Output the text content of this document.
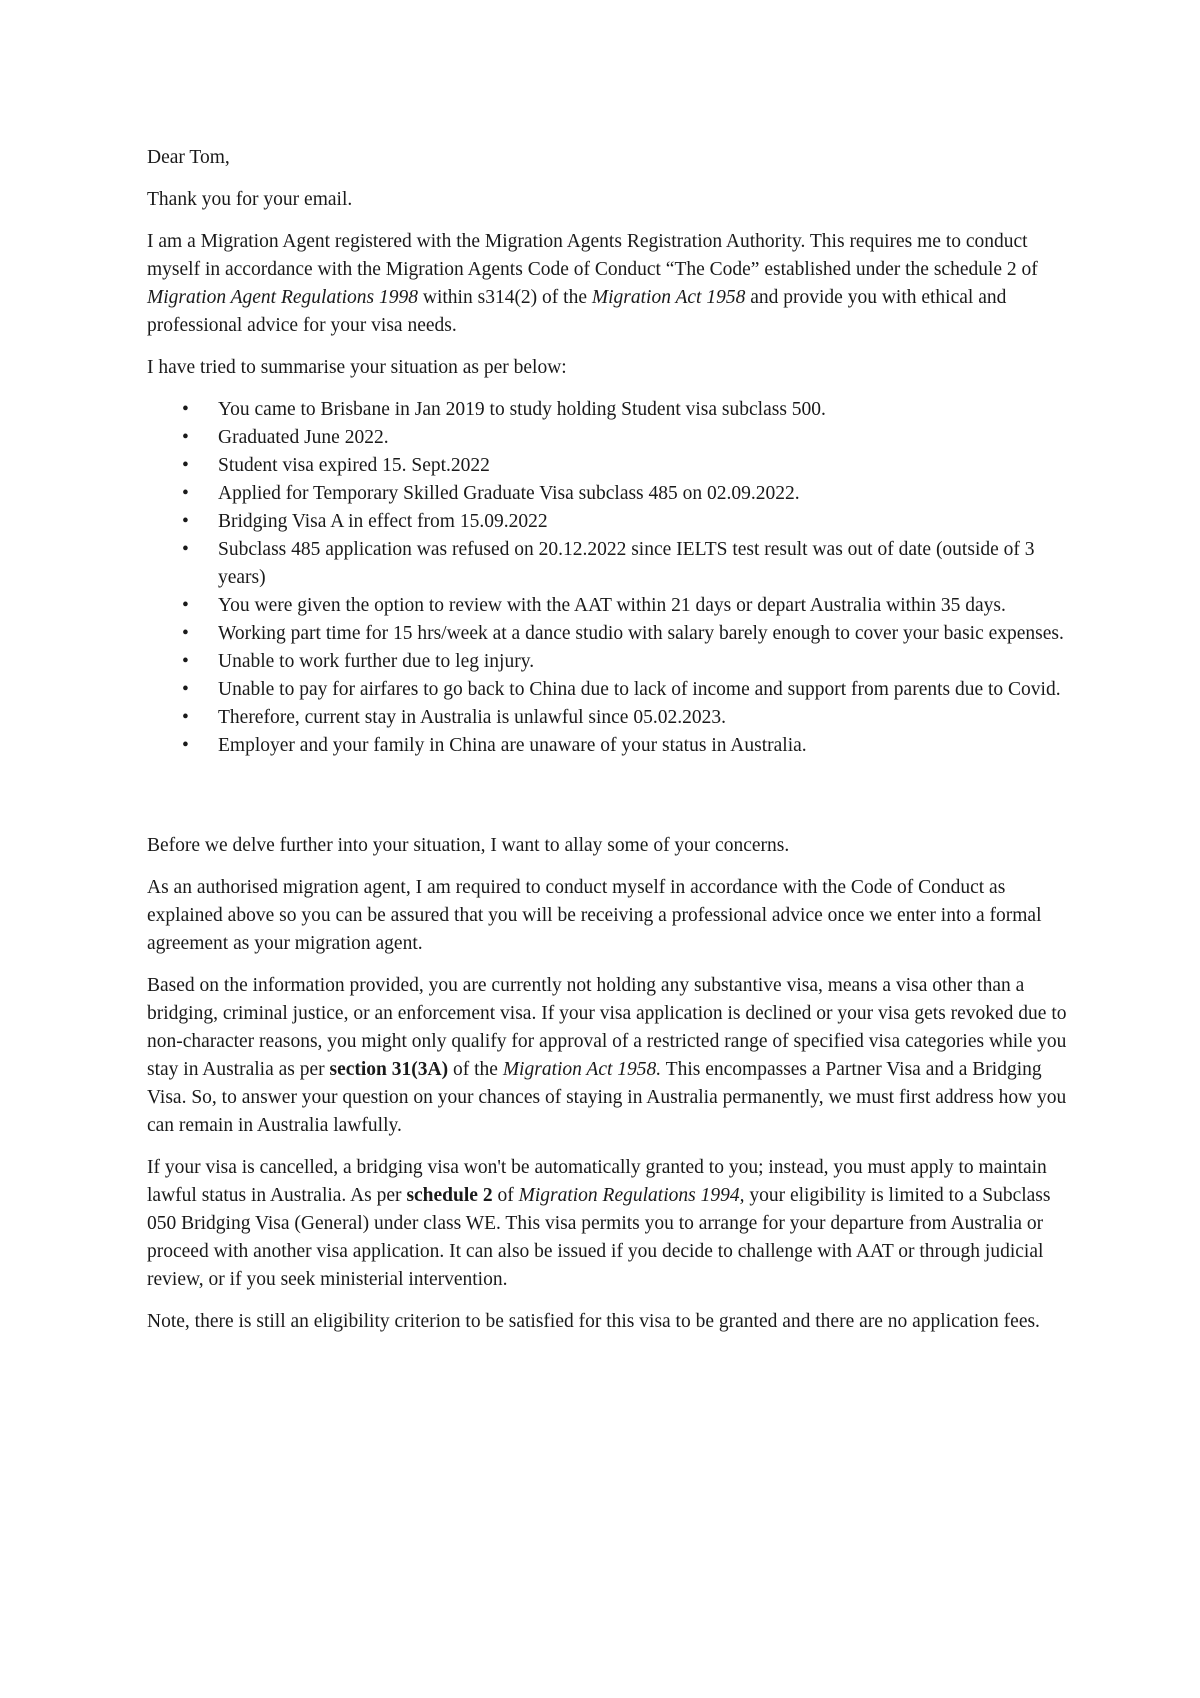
Dear Tom,

Thank you for your email.

I am a Migration Agent registered with the Migration Agents Registration Authority. This requires me to conduct myself in accordance with the Migration Agents Code of Conduct “The Code” established under the schedule 2 of Migration Agent Regulations 1998 within s314(2) of the Migration Act 1958 and provide you with ethical and professional advice for your visa needs.

I have tried to summarise your situation as per below:

• You came to Brisbane in Jan 2019 to study holding Student visa subclass 500.
• Graduated June 2022.
• Student visa expired 15. Sept.2022
• Applied for Temporary Skilled Graduate Visa subclass 485 on 02.09.2022.
• Bridging Visa A in effect from 15.09.2022
• Subclass 485 application was refused on 20.12.2022 since IELTS test result was out of date (outside of 3 years)
• You were given the option to review with the AAT within 21 days or depart Australia within 35 days.
• Working part time for 15 hrs/week at a dance studio with salary barely enough to cover your basic expenses.
• Unable to work further due to leg injury.
• Unable to pay for airfares to go back to China due to lack of income and support from parents due to Covid.
• Therefore, current stay in Australia is unlawful since 05.02.2023.
• Employer and your family in China are unaware of your status in Australia.

Before we delve further into your situation, I want to allay some of your concerns.

As an authorised migration agent, I am required to conduct myself in accordance with the Code of Conduct as explained above so you can be assured that you will be receiving a professional advice once we enter into a formal agreement as your migration agent.

Based on the information provided, you are currently not holding any substantive visa, means a visa other than a bridging, criminal justice, or an enforcement visa. If your visa application is declined or your visa gets revoked due to non-character reasons, you might only qualify for approval of a restricted range of specified visa categories while you stay in Australia as per section 31(3A) of the Migration Act 1958. This encompasses a Partner Visa and a Bridging Visa. So, to answer your question on your chances of staying in Australia permanently, we must first address how you can remain in Australia lawfully.

If your visa is cancelled, a bridging visa won't be automatically granted to you; instead, you must apply to maintain lawful status in Australia. As per schedule 2 of Migration Regulations 1994, your eligibility is limited to a Subclass 050 Bridging Visa (General) under class WE. This visa permits you to arrange for your departure from Australia or proceed with another visa application. It can also be issued if you decide to challenge with AAT or through judicial review, or if you seek ministerial intervention.

Note, there is still an eligibility criterion to be satisfied for this visa to be granted and there are no application fees.
